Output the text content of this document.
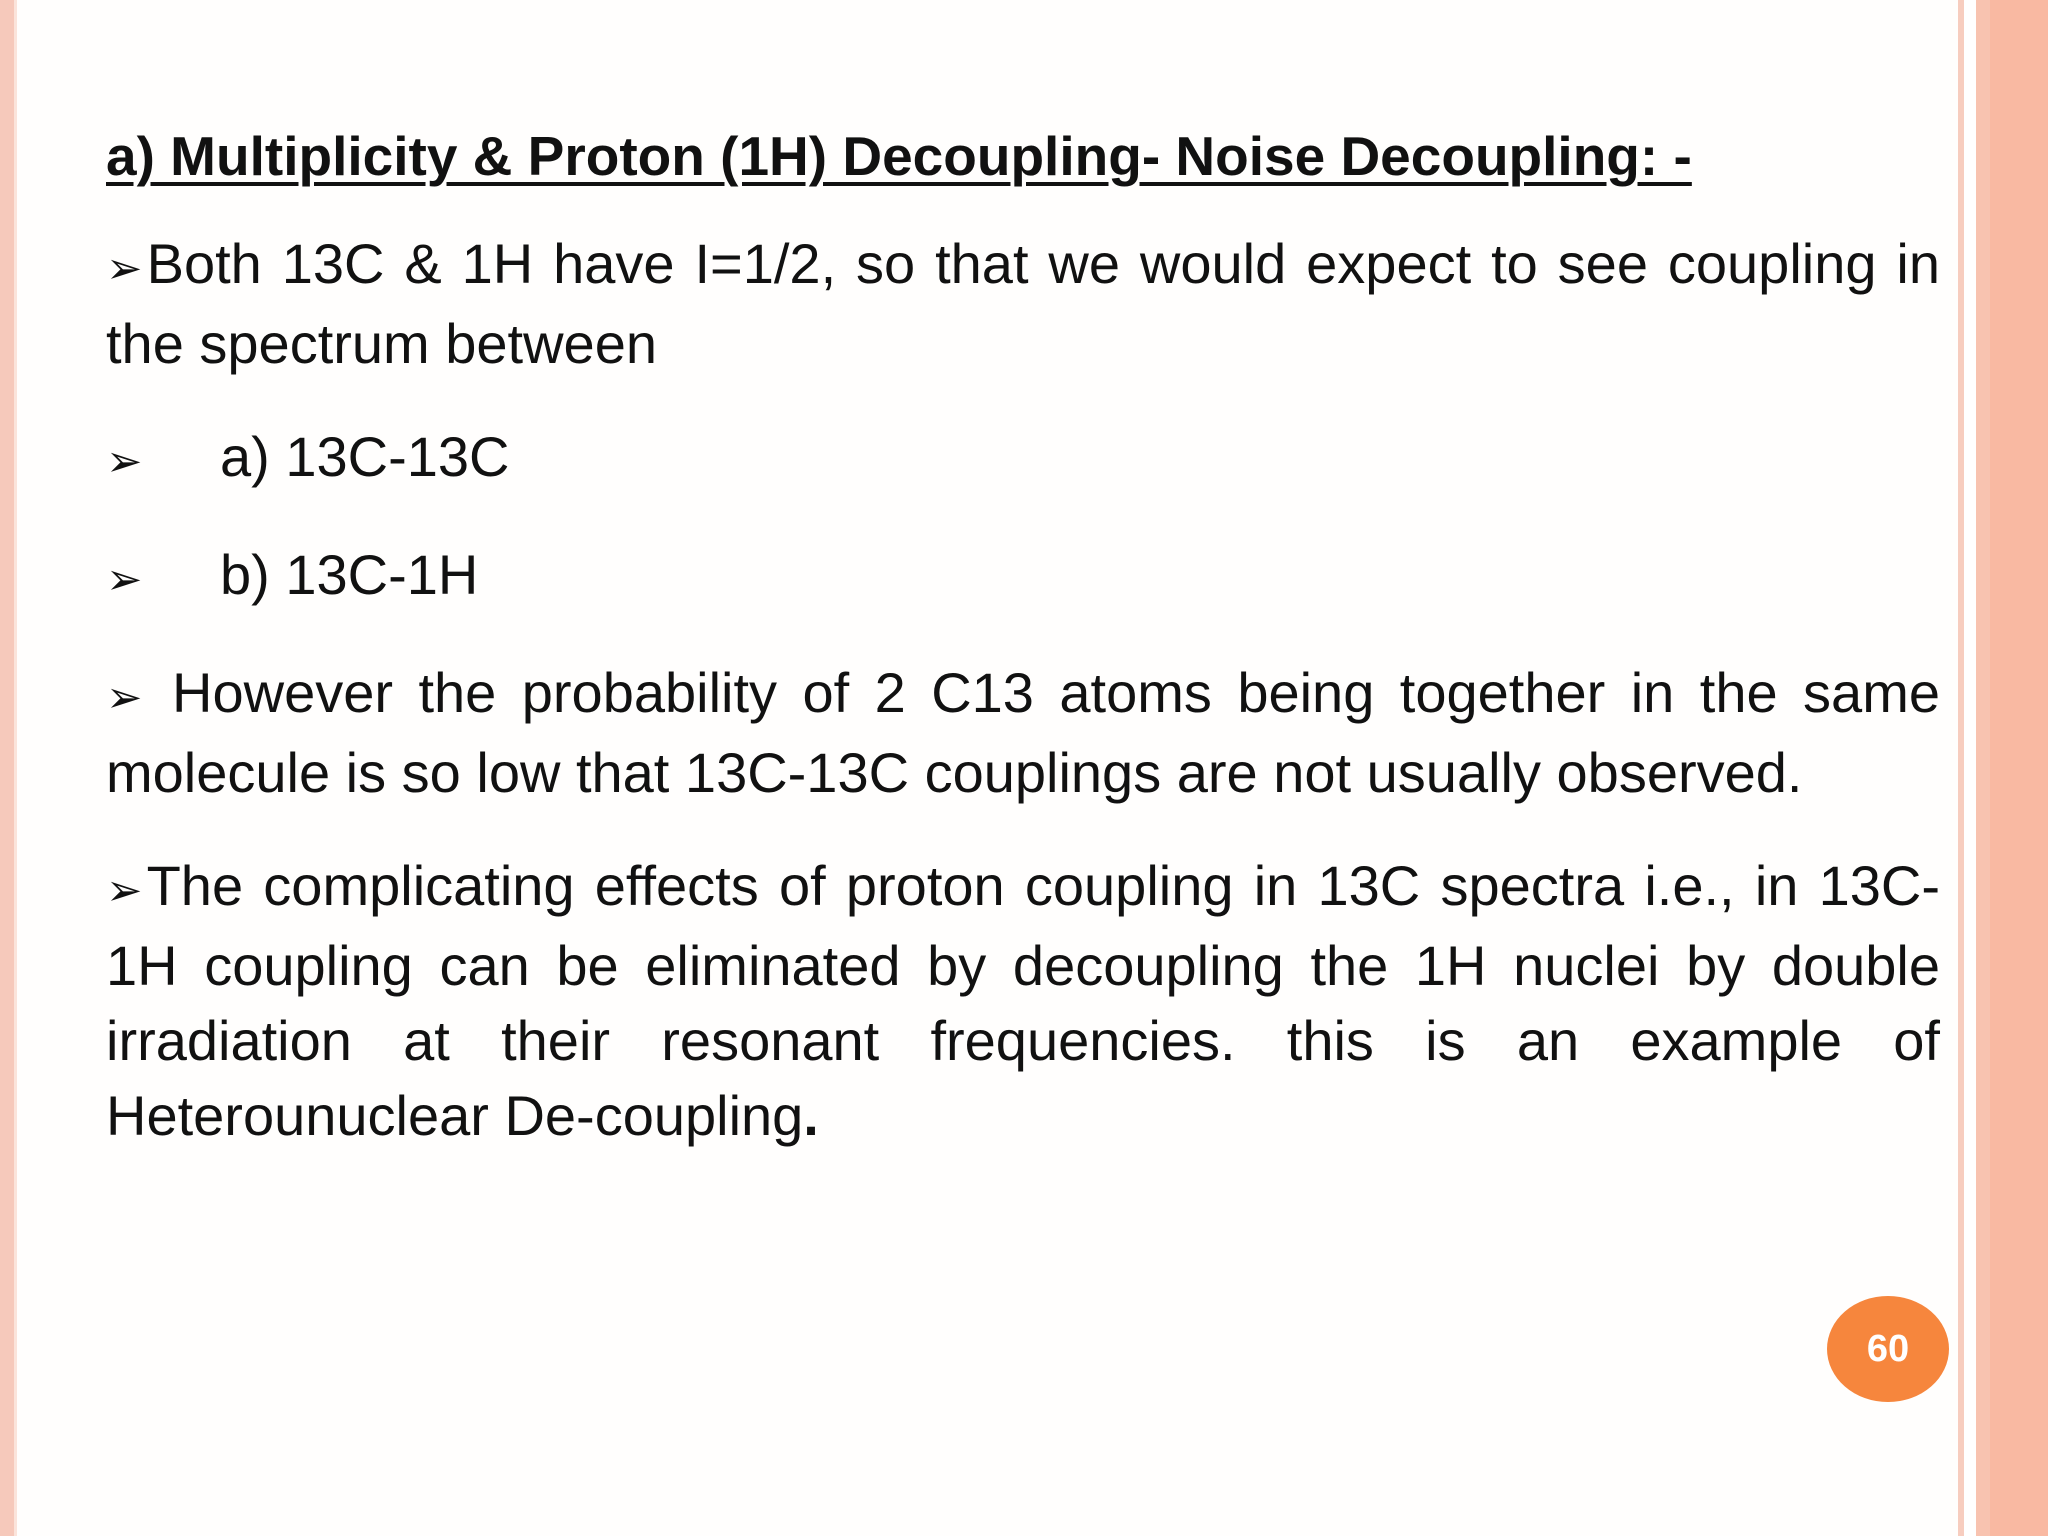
a) Multiplicity & Proton (1H) Decoupling- Noise Decoupling: -
➢Both 13C & 1H have I=1/2, so that we would expect to see coupling in the spectrum between
➢ a) 13C-13C
➢ b) 13C-1H
➢ However the probability of 2 C13 atoms being together in the same molecule is so low that 13C-13C couplings are not usually observed.
➢The complicating effects of proton coupling in 13C spectra i.e., in 13C-1H coupling can be eliminated by decoupling the 1H nuclei by double irradiation at their resonant frequencies. this is an example of Heterounuclear De-coupling.
60
